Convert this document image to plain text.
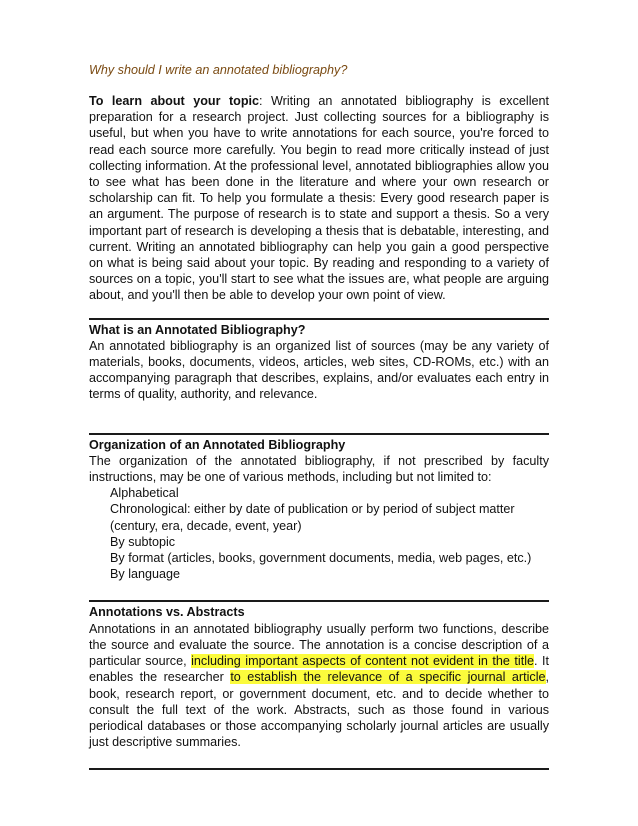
Why should I write an annotated bibliography?

To learn about your topic: Writing an annotated bibliography is excellent preparation for a research project. Just collecting sources for a bibliography is useful, but when you have to write annotations for each source, you're forced to read each source more carefully. You begin to read more critically instead of just collecting information. At the professional level, annotated bibliographies allow you to see what has been done in the literature and where your own research or scholarship can fit. To help you formulate a thesis: Every good research paper is an argument. The purpose of research is to state and support a thesis. So a very important part of research is developing a thesis that is debatable, interesting, and current. Writing an annotated bibliography can help you gain a good perspective on what is being said about your topic. By reading and responding to a variety of sources on a topic, you'll start to see what the issues are, what people are arguing about, and you'll then be able to develop your own point of view.

What is an Annotated Bibliography?

An annotated bibliography is an organized list of sources (may be any variety of materials, books, documents, videos, articles, web sites, CD-ROMs, etc.) with an accompanying paragraph that describes, explains, and/or evaluates each entry in terms of quality, authority, and relevance.

Organization of an Annotated Bibliography

The organization of the annotated bibliography, if not prescribed by faculty instructions, may be one of various methods, including but not limited to:

Alphabetical
Chronological: either by date of publication or by period of subject matter (century, era, decade, event, year)
By subtopic
By format (articles, books, government documents, media, web pages, etc.)
By language

Annotations vs. Abstracts

Annotations in an annotated bibliography usually perform two functions, describe the source and evaluate the source. The annotation is a concise description of a particular source, including important aspects of content not evident in the title. It enables the researcher to establish the relevance of a specific journal article, book, research report, or government document, etc. and to decide whether to consult the full text of the work. Abstracts, such as those found in various periodical databases or those accompanying scholarly journal articles are usually just descriptive summaries.
